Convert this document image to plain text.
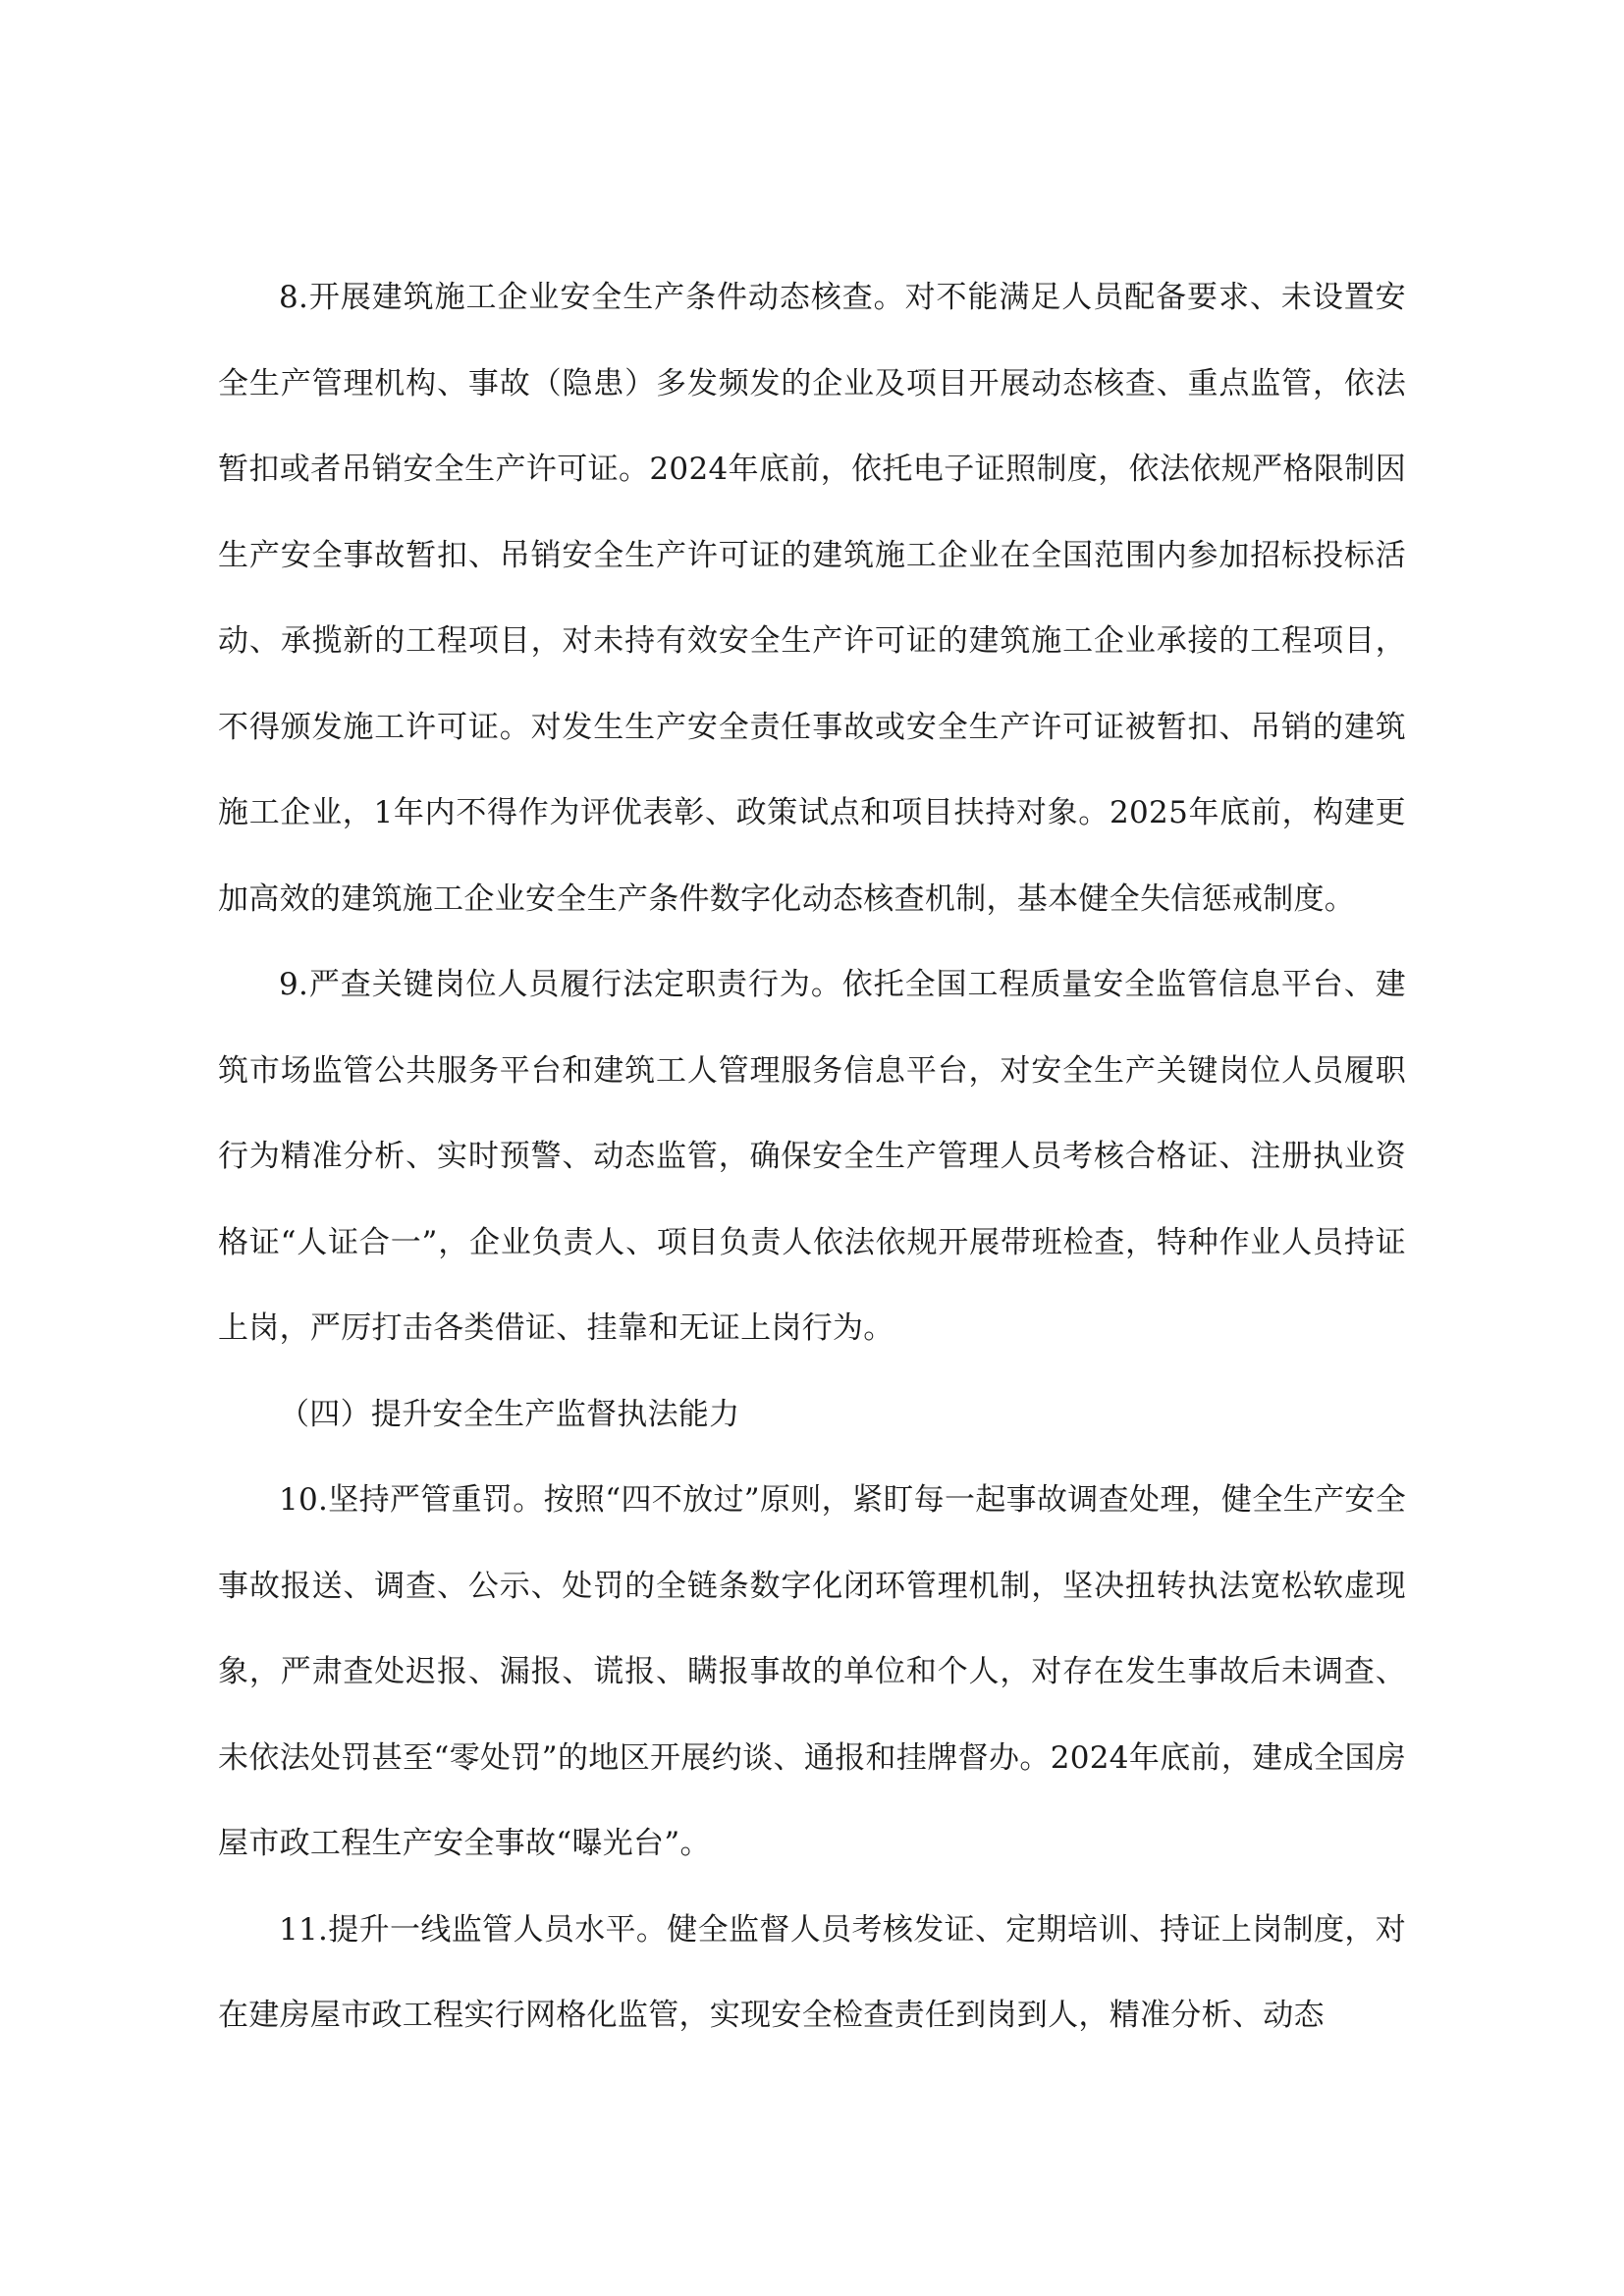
8.开展建筑施工企业安全生产条件动态核查。对不能满足人员配备要求、未设置安全生产管理机构、事故（隐患）多发频发的企业及项目开展动态核查、重点监管，依法暂扣或者吊销安全生产许可证。2024年底前，依托电子证照制度，依法依规严格限制因生产安全事故暂扣、吊销安全生产许可证的建筑施工企业在全国范围内参加招标投标活动、承揽新的工程项目，对未持有效安全生产许可证的建筑施工企业承接的工程项目，不得颁发施工许可证。对发生生产安全责任事故或安全生产许可证被暂扣、吊销的建筑施工企业，1年内不得作为评优表彰、政策试点和项目扶持对象。2025年底前，构建更加高效的建筑施工企业安全生产条件数字化动态核查机制，基本健全失信惩戒制度。

9.严查关键岗位人员履行法定职责行为。依托全国工程质量安全监管信息平台、建筑市场监管公共服务平台和建筑工人管理服务信息平台，对安全生产关键岗位人员履职行为精准分析、实时预警、动态监管，确保安全生产管理人员考核合格证、注册执业资格证“人证合一”，企业负责人、项目负责人依法依规开展带班检查，特种作业人员持证上岗，严厉打击各类借证、挂靠和无证上岗行为。

（四）提升安全生产监督执法能力

10.坚持严管重罚。按照“四不放过”原则，紧盯每一起事故调查处理，健全生产安全事故报送、调查、公示、处罚的全链条数字化闭环管理机制，坚决扭转执法宽松软虚现象，严肃查处迟报、漏报、谎报、瞒报事故的单位和个人，对存在发生事故后未调查、未依法处罚甚至“零处罚”的地区开展约谈、通报和挂牌督办。2024年底前，建成全国房屋市政工程生产安全事故“曝光台”。

11.提升一线监管人员水平。健全监督人员考核发证、定期培训、持证上岗制度，对在建房屋市政工程实行网格化监管，实现安全检查责任到岗到人，精准分析、动态
